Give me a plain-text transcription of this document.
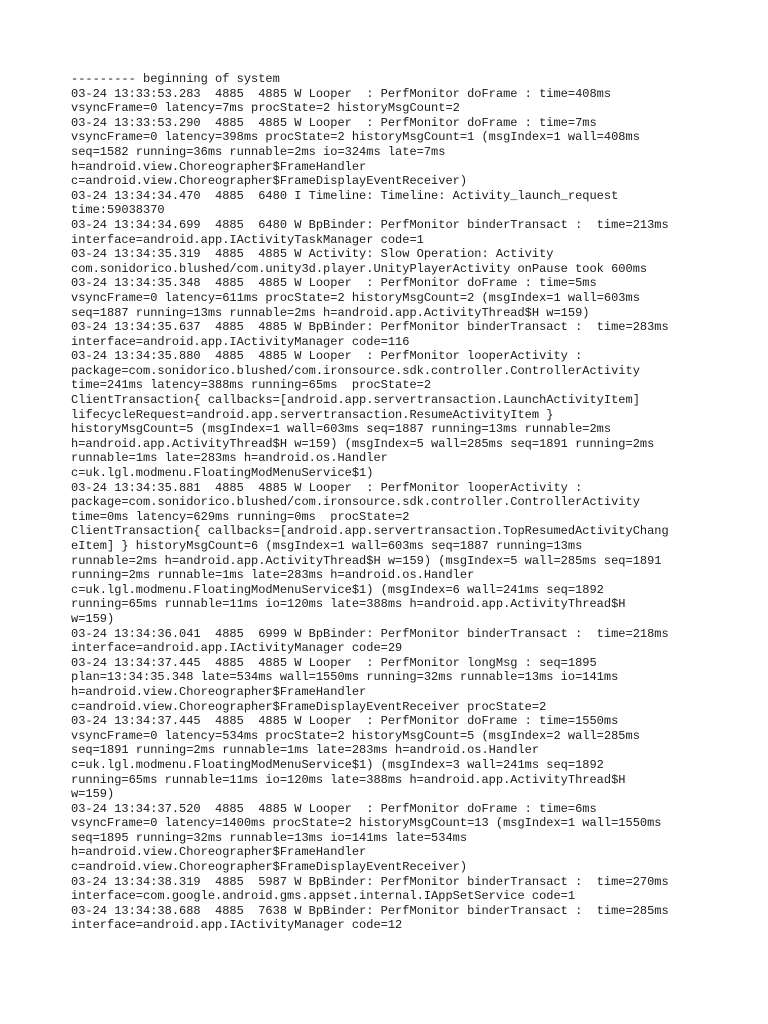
--------- beginning of system
03-24 13:33:53.283  4885  4885 W Looper  : PerfMonitor doFrame : time=408ms
vsyncFrame=0 latency=7ms procState=2 historyMsgCount=2
03-24 13:33:53.290  4885  4885 W Looper  : PerfMonitor doFrame : time=7ms
vsyncFrame=0 latency=398ms procState=2 historyMsgCount=1 (msgIndex=1 wall=408ms
seq=1582 running=36ms runnable=2ms io=324ms late=7ms
h=android.view.Choreographer$FrameHandler
c=android.view.Choreographer$FrameDisplayEventReceiver)
03-24 13:34:34.470  4885  6480 I Timeline: Timeline: Activity_launch_request
time:59038370
03-24 13:34:34.699  4885  6480 W BpBinder: PerfMonitor binderTransact :  time=213ms
interface=android.app.IActivityTaskManager code=1
03-24 13:34:35.319  4885  4885 W Activity: Slow Operation: Activity
com.sonidorico.blushed/com.unity3d.player.UnityPlayerActivity onPause took 600ms
03-24 13:34:35.348  4885  4885 W Looper  : PerfMonitor doFrame : time=5ms
vsyncFrame=0 latency=611ms procState=2 historyMsgCount=2 (msgIndex=1 wall=603ms
seq=1887 running=13ms runnable=2ms h=android.app.ActivityThread$H w=159)
03-24 13:34:35.637  4885  4885 W BpBinder: PerfMonitor binderTransact :  time=283ms
interface=android.app.IActivityManager code=116
03-24 13:34:35.880  4885  4885 W Looper  : PerfMonitor looperActivity :
package=com.sonidorico.blushed/com.ironsource.sdk.controller.ControllerActivity
time=241ms latency=388ms running=65ms  procState=2
ClientTransaction{ callbacks=[android.app.servertransaction.LaunchActivityItem]
lifecycleRequest=android.app.servertransaction.ResumeActivityItem }
historyMsgCount=5 (msgIndex=1 wall=603ms seq=1887 running=13ms runnable=2ms
h=android.app.ActivityThread$H w=159) (msgIndex=5 wall=285ms seq=1891 running=2ms
runnable=1ms late=283ms h=android.os.Handler
c=uk.lgl.modmenu.FloatingModMenuService$1)
03-24 13:34:35.881  4885  4885 W Looper  : PerfMonitor looperActivity :
package=com.sonidorico.blushed/com.ironsource.sdk.controller.ControllerActivity
time=0ms latency=629ms running=0ms  procState=2
ClientTransaction{ callbacks=[android.app.servertransaction.TopResumedActivityChang
eItem] } historyMsgCount=6 (msgIndex=1 wall=603ms seq=1887 running=13ms
runnable=2ms h=android.app.ActivityThread$H w=159) (msgIndex=5 wall=285ms seq=1891
running=2ms runnable=1ms late=283ms h=android.os.Handler
c=uk.lgl.modmenu.FloatingModMenuService$1) (msgIndex=6 wall=241ms seq=1892
running=65ms runnable=11ms io=120ms late=388ms h=android.app.ActivityThread$H
w=159)
03-24 13:34:36.041  4885  6999 W BpBinder: PerfMonitor binderTransact :  time=218ms
interface=android.app.IActivityManager code=29
03-24 13:34:37.445  4885  4885 W Looper  : PerfMonitor longMsg : seq=1895
plan=13:34:35.348 late=534ms wall=1550ms running=32ms runnable=13ms io=141ms
h=android.view.Choreographer$FrameHandler
c=android.view.Choreographer$FrameDisplayEventReceiver procState=2
03-24 13:34:37.445  4885  4885 W Looper  : PerfMonitor doFrame : time=1550ms
vsyncFrame=0 latency=534ms procState=2 historyMsgCount=5 (msgIndex=2 wall=285ms
seq=1891 running=2ms runnable=1ms late=283ms h=android.os.Handler
c=uk.lgl.modmenu.FloatingModMenuService$1) (msgIndex=3 wall=241ms seq=1892
running=65ms runnable=11ms io=120ms late=388ms h=android.app.ActivityThread$H
w=159)
03-24 13:34:37.520  4885  4885 W Looper  : PerfMonitor doFrame : time=6ms
vsyncFrame=0 latency=1400ms procState=2 historyMsgCount=13 (msgIndex=1 wall=1550ms
seq=1895 running=32ms runnable=13ms io=141ms late=534ms
h=android.view.Choreographer$FrameHandler
c=android.view.Choreographer$FrameDisplayEventReceiver)
03-24 13:34:38.319  4885  5987 W BpBinder: PerfMonitor binderTransact :  time=270ms
interface=com.google.android.gms.appset.internal.IAppSetService code=1
03-24 13:34:38.688  4885  7638 W BpBinder: PerfMonitor binderTransact :  time=285ms
interface=android.app.IActivityManager code=12
